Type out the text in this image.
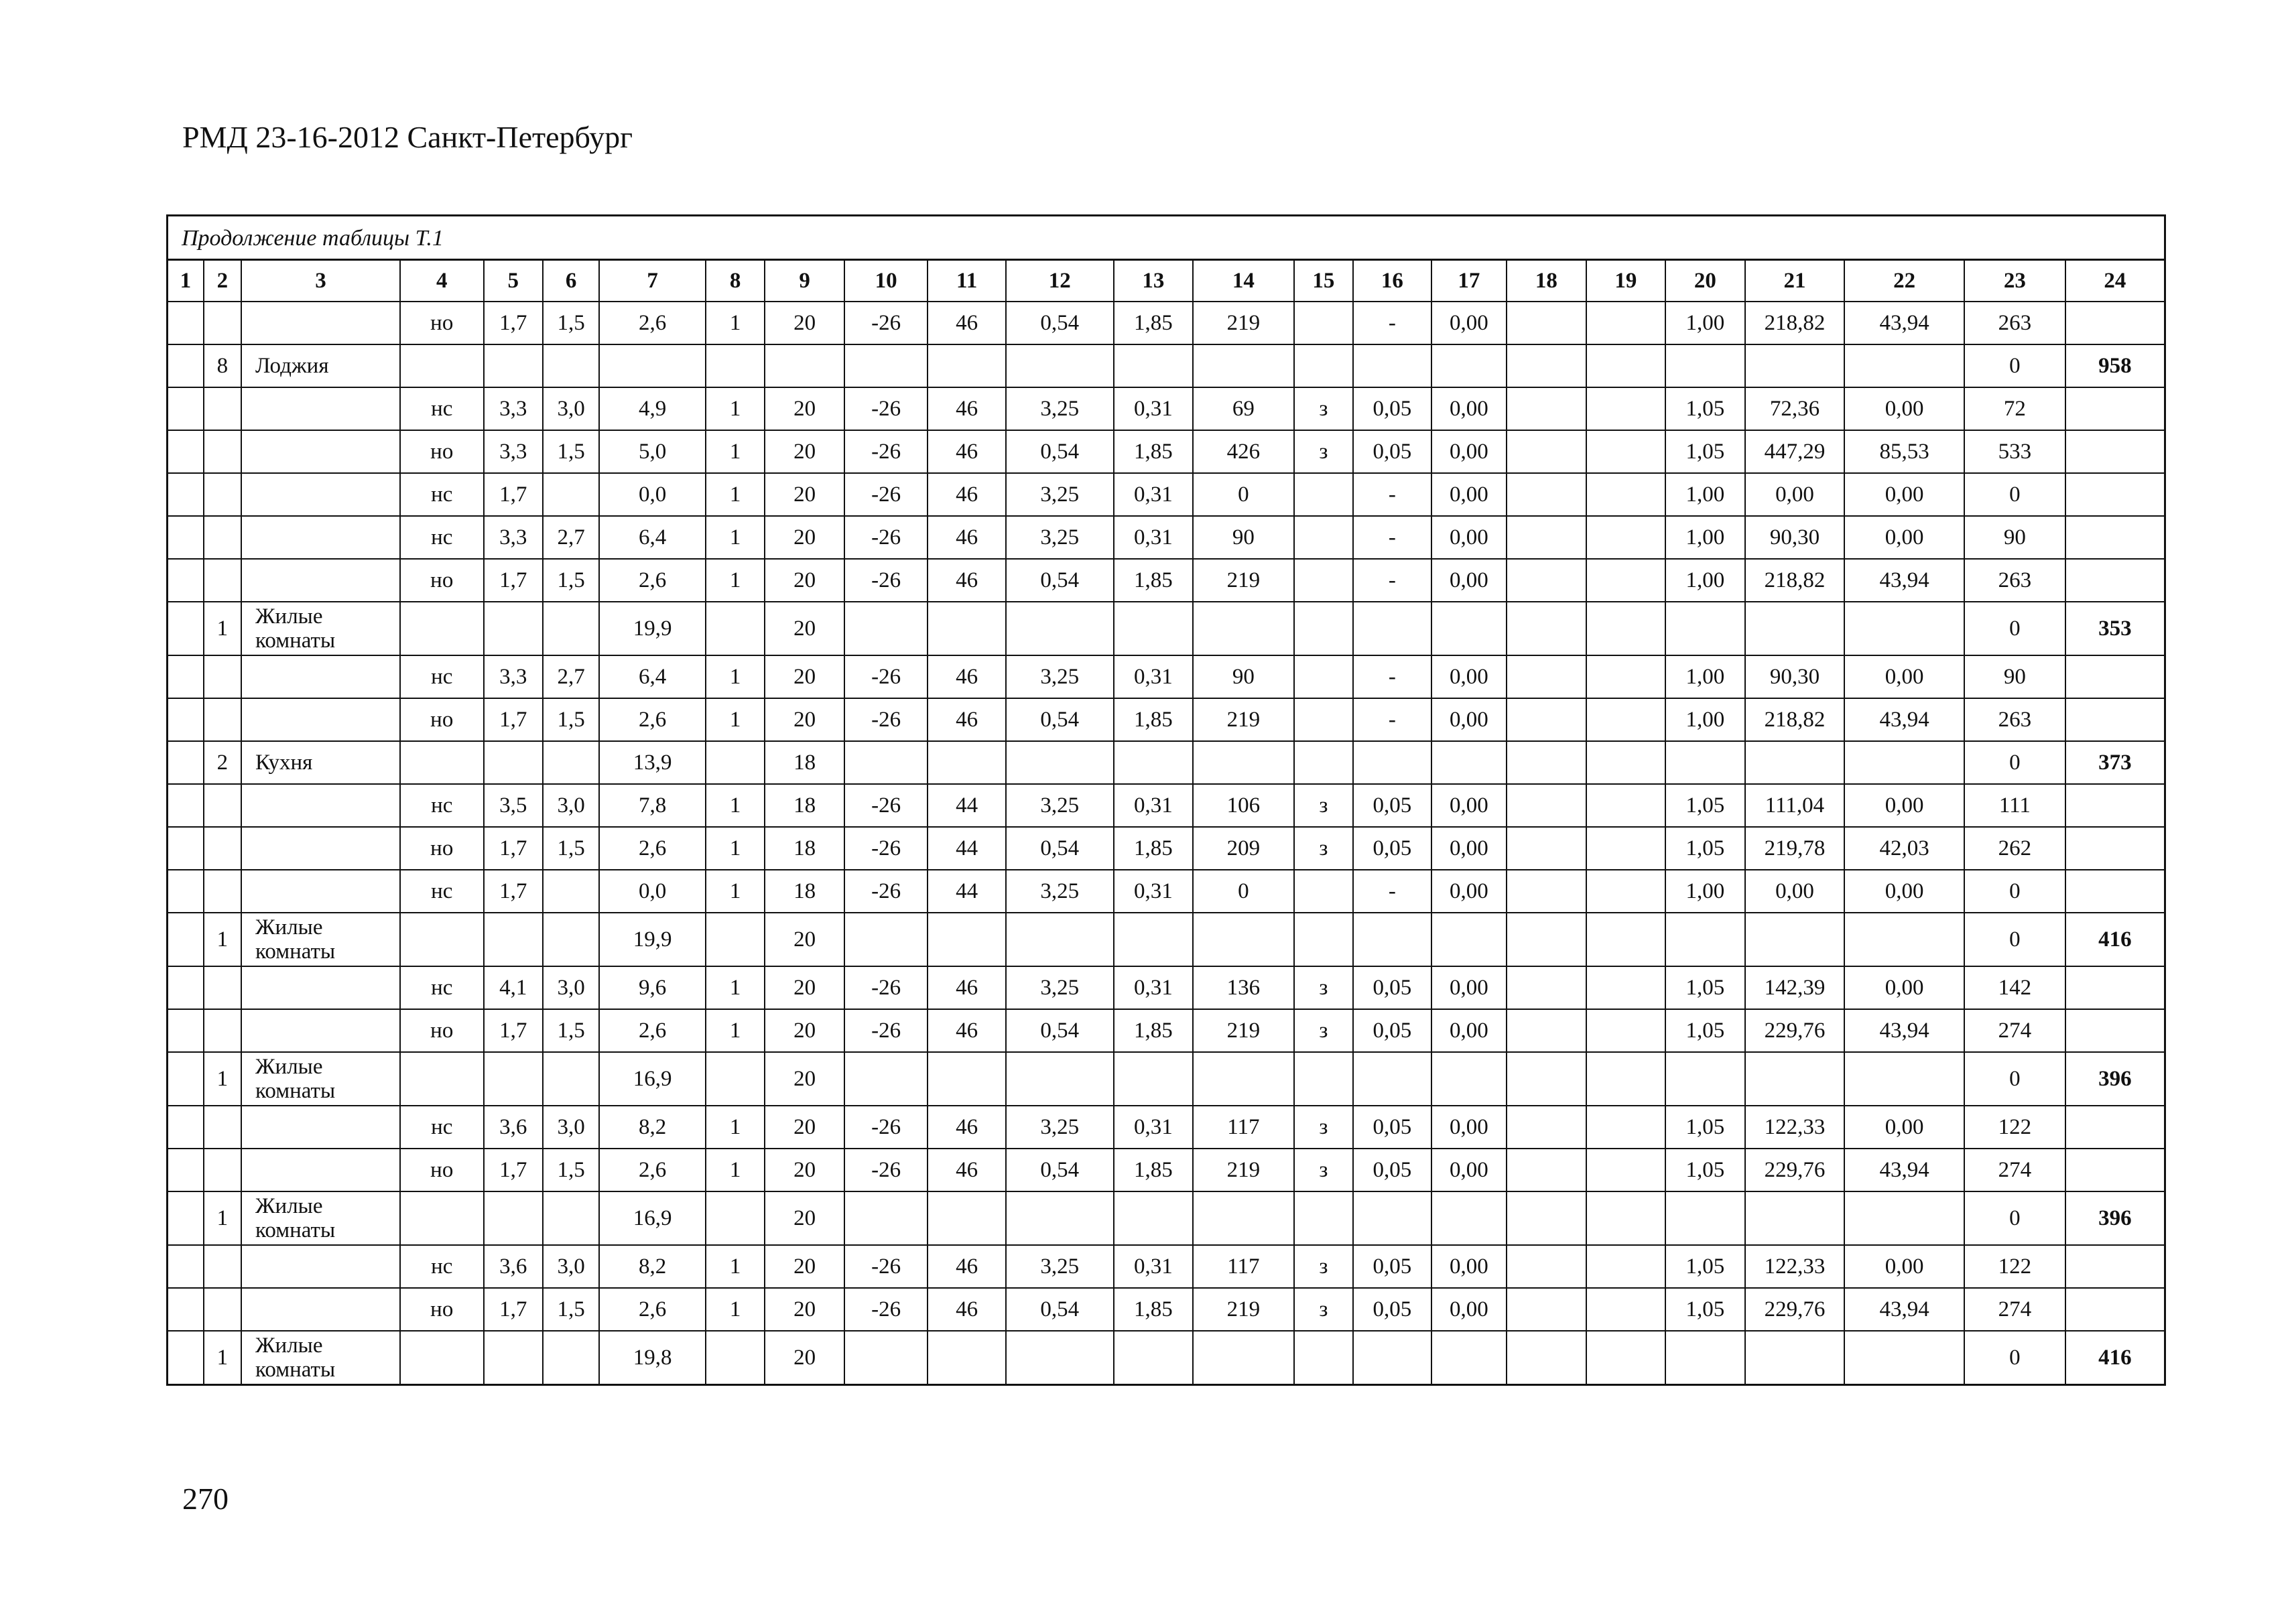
РМД 23-16-2012 Санкт-Петербург
Продолжение таблицы Т.1
1	2	3	4	5	6	7	8	9	10	11	12	13	14	15	16	17	18	19	20	21	22	23	24
			но	1,7	1,5	2,6	1	20	-26	46	0,54	1,85	219		-	0,00			1,00	218,82	43,94	263	
	8	Лоджия																				0	958
			нс	3,3	3,0	4,9	1	20	-26	46	3,25	0,31	69	з	0,05	0,00			1,05	72,36	0,00	72	
			но	3,3	1,5	5,0	1	20	-26	46	0,54	1,85	426	з	0,05	0,00			1,05	447,29	85,53	533	
			нс	1,7		0,0	1	20	-26	46	3,25	0,31	0		-	0,00			1,00	0,00	0,00	0	
			нс	3,3	2,7	6,4	1	20	-26	46	3,25	0,31	90		-	0,00			1,00	90,30	0,00	90	
			но	1,7	1,5	2,6	1	20	-26	46	0,54	1,85	219		-	0,00			1,00	218,82	43,94	263	
	1	Жилые комнаты				19,9		20														0	353
			нс	3,3	2,7	6,4	1	20	-26	46	3,25	0,31	90		-	0,00			1,00	90,30	0,00	90	
			но	1,7	1,5	2,6	1	20	-26	46	0,54	1,85	219		-	0,00			1,00	218,82	43,94	263	
	2	Кухня				13,9		18														0	373
			нс	3,5	3,0	7,8	1	18	-26	44	3,25	0,31	106	з	0,05	0,00			1,05	111,04	0,00	111	
			но	1,7	1,5	2,6	1	18	-26	44	0,54	1,85	209	з	0,05	0,00			1,05	219,78	42,03	262	
			нс	1,7		0,0	1	18	-26	44	3,25	0,31	0		-	0,00			1,00	0,00	0,00	0	
	1	Жилые комнаты				19,9		20														0	416
			нс	4,1	3,0	9,6	1	20	-26	46	3,25	0,31	136	з	0,05	0,00			1,05	142,39	0,00	142	
			но	1,7	1,5	2,6	1	20	-26	46	0,54	1,85	219	з	0,05	0,00			1,05	229,76	43,94	274	
	1	Жилые комнаты				16,9		20														0	396
			нс	3,6	3,0	8,2	1	20	-26	46	3,25	0,31	117	з	0,05	0,00			1,05	122,33	0,00	122	
			но	1,7	1,5	2,6	1	20	-26	46	0,54	1,85	219	з	0,05	0,00			1,05	229,76	43,94	274	
	1	Жилые комнаты				16,9		20														0	396
			нс	3,6	3,0	8,2	1	20	-26	46	3,25	0,31	117	з	0,05	0,00			1,05	122,33	0,00	122	
			но	1,7	1,5	2,6	1	20	-26	46	0,54	1,85	219	з	0,05	0,00			1,05	229,76	43,94	274	
	1	Жилые комнаты				19,8		20														0	416
270
